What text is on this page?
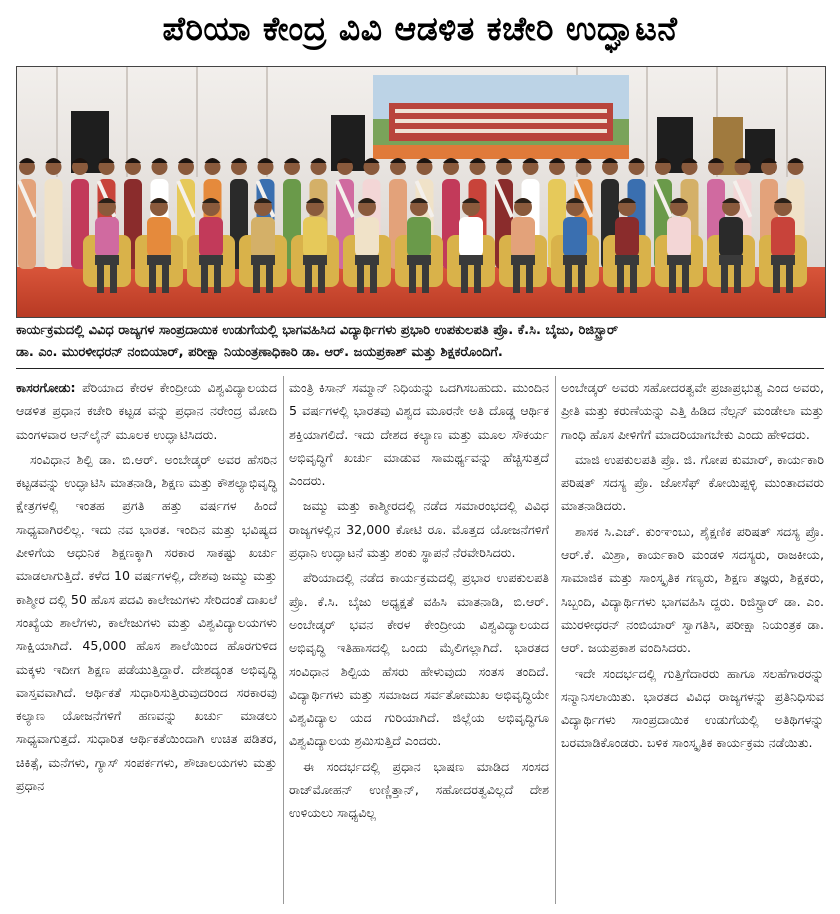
ಪೆರಿಯಾ ಕೇಂದ್ರ ವಿವಿ ಆಡಳಿತ ಕಚೇರಿ ಉದ್ಘಾಟನೆ
ಕಾರ್ಯಕ್ರಮದಲ್ಲಿ ವಿವಿಧ ರಾಜ್ಯಗಳ ಸಾಂಪ್ರದಾಯಿಕ ಉಡುಗೆಯಲ್ಲಿ ಭಾಗವಹಿಸಿದ ವಿದ್ಯಾರ್ಥಿಗಳು ಪ್ರಭಾರಿ ಉಪಕುಲಪತಿ ಪ್ರೊ. ಕೆ.ಸಿ. ಬೈಜು, ರಿಜಿಸ್ಟ್ರಾರ್
ಡಾ. ಎಂ. ಮುರಳೀಧರನ್ ನಂಬಿಯಾರ್, ಪರೀಕ್ಷಾ ನಿಯಂತ್ರಣಾಧಿಕಾರಿ ಡಾ. ಆರ್. ಜಯಪ್ರಕಾಶ್ ಮತ್ತು ಶಿಕ್ಷಕರೊಂದಿಗೆ.

ಕಾಸರಗೋಡು: ಪೆರಿಯಾದ ಕೇರಳ ಕೇಂದ್ರೀಯ ವಿಶ್ವವಿದ್ಯಾಲಯದ ಆಡಳಿತ ಪ್ರಧಾನ ಕಚೇರಿ ಕಟ್ಟಡ ವನ್ನು ಪ್ರಧಾನ ನರೇಂದ್ರ ಮೋದಿ ಮಂಗಳವಾರ ಆನ್‌ಲೈನ್ ಮೂಲಕ ಉದ್ಘಾಟಿಸಿದರು.

ಸಂವಿಧಾನ ಶಿಲ್ಪಿ ಡಾ. ಬಿ.ಆರ್. ಅಂಬೇಡ್ಕರ್ ಅವರ ಹೆಸರಿನ ಕಟ್ಟಡವನ್ನು ಉದ್ಘಾಟಿಸಿ ಮಾತನಾಡಿ, ಶಿಕ್ಷಣ ಮತ್ತು ಕೌಶಲ್ಯಾಭಿವೃದ್ಧಿ ಕ್ಷೇತ್ರಗಳಲ್ಲಿ ಇಂತಹ ಪ್ರಗತಿ ಹತ್ತು ವರ್ಷಗಳ ಹಿಂದೆ ಸಾಧ್ಯವಾಗಿರಲಿಲ್ಲ. ಇದು ನವ ಭಾರತ. ಇಂದಿನ ಮತ್ತು ಭವಿಷ್ಯದ ಪೀಳಿಗೆಯ ಆಧುನಿಕ ಶಿಕ್ಷಣಕ್ಕಾಗಿ ಸರಕಾರ ಸಾಕಷ್ಟು ಖರ್ಚು ಮಾಡಲಾಗುತ್ತಿದೆ. ಕಳೆದ 10 ವರ್ಷಗಳಲ್ಲಿ, ದೇಶವು ಜಮ್ಮು ಮತ್ತು ಕಾಶ್ಮೀರ ದಲ್ಲಿ 50 ಹೊಸ ಪದವಿ ಕಾಲೇಜುಗಳು ಸೇರಿದಂತೆ ದಾಖಲೆ ಸಂಖ್ಯೆಯ ಶಾಲೆಗಳು, ಕಾಲೇಜುಗಳು ಮತ್ತು ವಿಶ್ವವಿದ್ಯಾಲಯಗಳು ಸಾಕ್ಷಿಯಾಗಿದೆ. 45,000 ಹೊಸ ಶಾಲೆಯಿಂದ ಹೊರಗುಳಿದ ಮಕ್ಕಳು ಇದೀಗ ಶಿಕ್ಷಣ ಪಡೆಯುತ್ತಿದ್ದಾರೆ. ದೇಶದ್ಯಂತ ಅಭಿವೃದ್ಧಿ ವಾಸ್ತವವಾಗಿದೆ. ಆರ್ಥಿಕತೆ ಸುಧಾರಿಸುತ್ತಿರುವುದರಿಂದ ಸರಕಾರವು ಕಲ್ಯಾಣ ಯೋಜನೆಗಳಿಗೆ ಹಣವನ್ನು ಖರ್ಚು ಮಾಡಲು ಸಾಧ್ಯವಾಗುತ್ತದೆ. ಸುಧಾರಿತ ಆರ್ಥಿಕತೆಯಿಂದಾಗಿ ಉಚಿತ ಪಡಿತರ, ಚಿಕಿತ್ಸೆ, ಮನೆಗಳು, ಗ್ಯಾಸ್ ಸಂಪರ್ಕಗಳು, ಶೌಚಾಲಯಗಳು ಮತ್ತು ಪ್ರಧಾನ

ಮಂತ್ರಿ ಕಿಸಾನ್ ಸಮ್ಮಾನ್ ನಿಧಿಯನ್ನು ಒದಗಿಸಬಹುದು. ಮುಂದಿನ 5 ವರ್ಷಗಳಲ್ಲಿ ಭಾರತವು ವಿಶ್ವದ ಮೂರನೇ ಅತಿ ದೊಡ್ಡ ಆರ್ಥಿಕ ಶಕ್ತಿಯಾಗಲಿದೆ. ಇದು ದೇಶದ ಕಲ್ಯಾಣ ಮತ್ತು ಮೂಲ ಸೌಕರ್ಯ ಅಭಿವೃದ್ಧಿಗೆ ಖರ್ಚು ಮಾಡುವ ಸಾಮರ್ಥ್ಯವನ್ನು ಹೆಚ್ಚಿಸುತ್ತದೆ ಎಂದರು.

ಜಮ್ಮು ಮತ್ತು ಕಾಶ್ಮೀರದಲ್ಲಿ ನಡೆದ ಸಮಾರಂಭದಲ್ಲಿ ವಿವಿಧ ರಾಜ್ಯಗಳಲ್ಲಿನ 32,000 ಕೋಟಿ ರೂ. ಮೊತ್ತದ ಯೋಜನೆಗಳಿಗೆ ಪ್ರಧಾನಿ ಉದ್ಘಾಟನೆ ಮತ್ತು ಶಂಕು ಸ್ಥಾಪನೆ ನೆರವೇರಿಸಿದರು.

ಪೆರಿಯಾದಲ್ಲಿ ನಡೆದ ಕಾರ್ಯಕ್ರಮದಲ್ಲಿ ಪ್ರಭಾರ ಉಪಕುಲಪತಿ ಪ್ರೊ. ಕೆ.ಸಿ. ಬೈಜು ಅಧ್ಯಕ್ಷತೆ ವಹಿಸಿ ಮಾತನಾಡಿ, ಬಿ.ಆರ್. ಅಂಬೇಡ್ಕರ್ ಭವನ ಕೇರಳ ಕೇಂದ್ರೀಯ ವಿಶ್ವವಿದ್ಯಾಲಯದ ಅಭಿವೃದ್ಧಿ ಇತಿಹಾಸದಲ್ಲಿ ಒಂದು ಮೈಲಿಗಲ್ಲಾಗಿದೆ. ಭಾರತದ ಸಂವಿಧಾನ ಶಿಲ್ಪಿಯ ಹೆಸರು ಹೇಳುವುದು ಸಂತಸ ತಂದಿದೆ. ವಿದ್ಯಾರ್ಥಿಗಳು ಮತ್ತು ಸಮಾಜದ ಸರ್ವತೋಮುಖ ಅಭಿವೃದ್ಧಿಯೇ ವಿಶ್ವವಿದ್ಯಾಲ ಯದ ಗುರಿಯಾಗಿದೆ. ಜಿಲ್ಲೆಯ ಅಭಿವೃದ್ಧಿಗೂ ವಿಶ್ವವಿದ್ಯಾಲಯ ಶ್ರಮಿಸುತ್ತಿದೆ ಎಂದರು.

ಈ ಸಂದರ್ಭದಲ್ಲಿ ಪ್ರಧಾನ ಭಾಷಣ ಮಾಡಿದ ಸಂಸದ ರಾಜ್‌ಮೋಹನ್ ಉಣ್ಣಿತ್ತಾನ್, ಸಹೋದರತ್ವವಿಲ್ಲದೆ ದೇಶ ಉಳಿಯಲು ಸಾಧ್ಯವಿಲ್ಲ

ಅಂಬೇಡ್ಕರ್ ಅವರು ಸಹೋದರತ್ವವೇ ಪ್ರಜಾಪ್ರಭುತ್ವ ಎಂದ ಅವರು, ಪ್ರೀತಿ ಮತ್ತು ಕರುಣೆಯನ್ನು ಎತ್ತಿ ಹಿಡಿದ ನೆಲ್ಸನ್ ಮಂಡೇಲಾ ಮತ್ತು ಗಾಂಧಿ ಹೊಸ ಪೀಳಿಗೆಗೆ ಮಾದರಿಯಾಗಬೇಕು ಎಂದು ಹೇಳಿದರು.

ಮಾಜಿ ಉಪಕುಲಪತಿ ಪ್ರೊ. ಜಿ. ಗೋಪ ಕುಮಾರ್, ಕಾರ್ಯಕಾರಿ ಪರಿಷತ್ ಸದಸ್ಯ ಪ್ರೊ. ಜೋಸೆಫ್ ಕೋಯಿಪ್ಪಳ್ಳಿ ಮುಂತಾದವರು ಮಾತನಾಡಿದರು.

ಶಾಸಕ ಸಿ.ಎಚ್. ಕುಂಞಂಬು, ಶೈಕ್ಷಣಿಕ ಪರಿಷತ್ ಸದಸ್ಯ ಪ್ರೊ. ಆರ್.ಕೆ. ಮಿಶ್ರಾ, ಕಾರ್ಯಕಾರಿ ಮಂಡಳಿ ಸದಸ್ಯರು, ರಾಜಕೀಯ, ಸಾಮಾಜಿಕ ಮತ್ತು ಸಾಂಸ್ಕೃತಿಕ ಗಣ್ಯರು, ಶಿಕ್ಷಣ ತಜ್ಞರು, ಶಿಕ್ಷಕರು, ಸಿಬ್ಬಂದಿ, ವಿದ್ಯಾರ್ಥಿಗಳು ಭಾಗವಹಿಸಿ ದ್ದರು. ರಿಜಿಸ್ಟ್ರಾರ್ ಡಾ. ಎಂ. ಮುರಳೀಧರನ್ ನಂಬಿಯಾರ್ ಸ್ವಾಗತಿಸಿ, ಪರೀಕ್ಷಾ ನಿಯಂತ್ರಕ ಡಾ. ಆರ್. ಜಯಪ್ರಕಾಶ ವಂದಿಸಿದರು.

ಇದೇ ಸಂದರ್ಭದಲ್ಲಿ ಗುತ್ತಿಗೆದಾರರು ಹಾಗೂ ಸಲಹೆಗಾರರನ್ನು ಸನ್ಮಾನಿಸಲಾಯಿತು. ಭಾರತದ ವಿವಿಧ ರಾಜ್ಯಗಳನ್ನು ಪ್ರತಿನಿಧಿಸುವ ವಿದ್ಯಾರ್ಥಿಗಳು ಸಾಂಪ್ರದಾಯಿಕ ಉಡುಗೆಯಲ್ಲಿ ಅತಿಥಿಗಳನ್ನು ಬರಮಾಡಿಕೊಂಡರು. ಬಳಿಕ ಸಾಂಸ್ಕೃತಿಕ ಕಾರ್ಯಕ್ರಮ ನಡೆಯಿತು.
